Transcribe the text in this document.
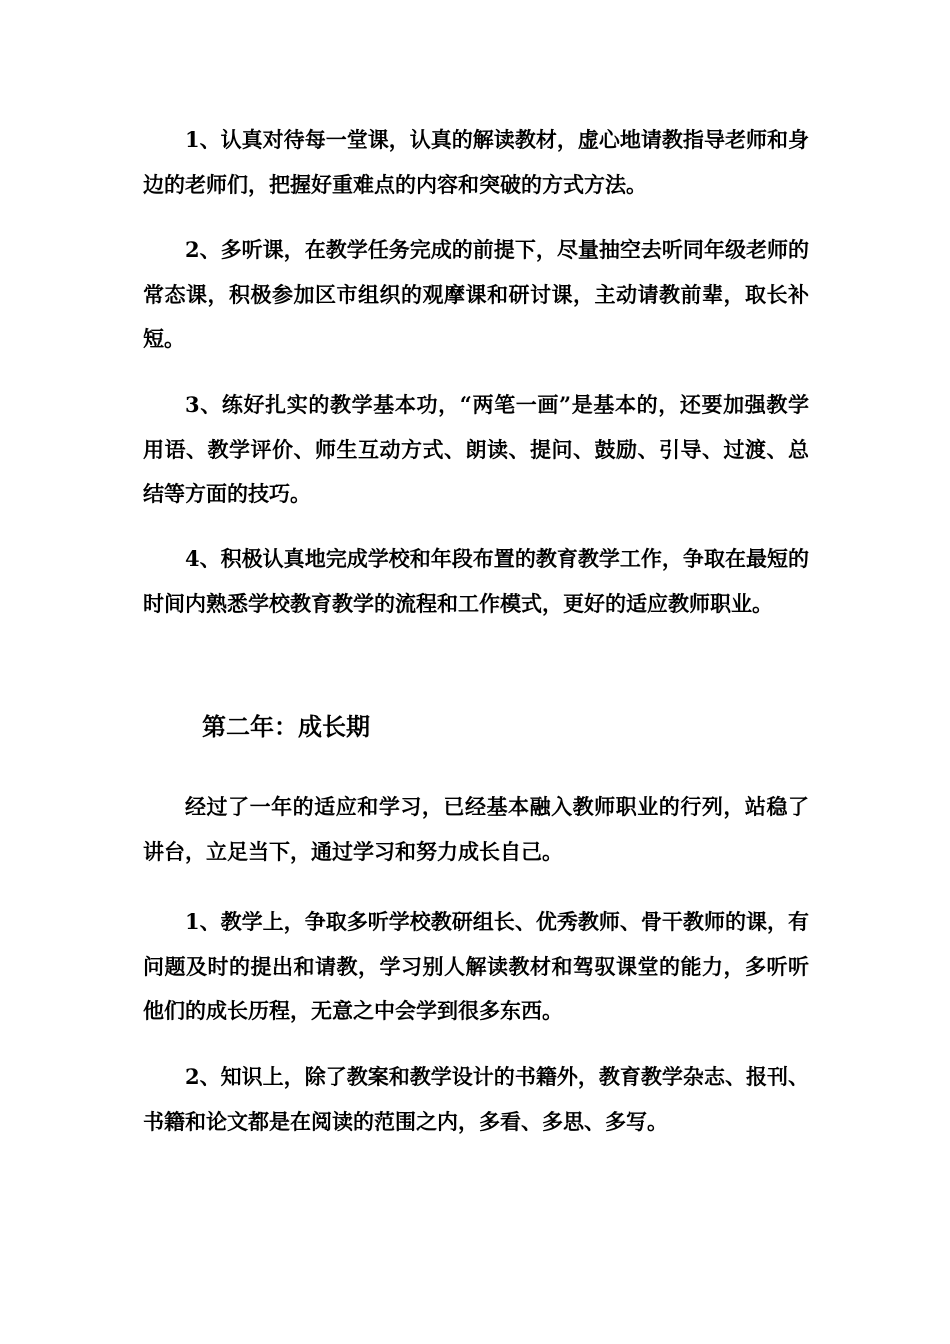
1、认真对待每一堂课，认真的解读教材，虚心地请教指导老师和身边的老师们，把握好重难点的内容和突破的方式方法。

2、多听课，在教学任务完成的前提下，尽量抽空去听同年级老师的常态课，积极参加区市组织的观摩课和研讨课，主动请教前辈，取长补短。

3、练好扎实的教学基本功，“两笔一画”是基本的，还要加强教学用语、教学评价、师生互动方式、朗读、提问、鼓励、引导、过渡、总结等方面的技巧。

4、积极认真地完成学校和年段布置的教育教学工作，争取在最短的时间内熟悉学校教育教学的流程和工作模式，更好的适应教师职业。

第二年：成长期

经过了一年的适应和学习，已经基本融入教师职业的行列，站稳了讲台，立足当下，通过学习和努力成长自己。

1、教学上，争取多听学校教研组长、优秀教师、骨干教师的课，有问题及时的提出和请教，学习别人解读教材和驾驭课堂的能力，多听听他们的成长历程，无意之中会学到很多东西。

2、知识上，除了教案和教学设计的书籍外，教育教学杂志、报刊、书籍和论文都是在阅读的范围之内，多看、多思、多写。
